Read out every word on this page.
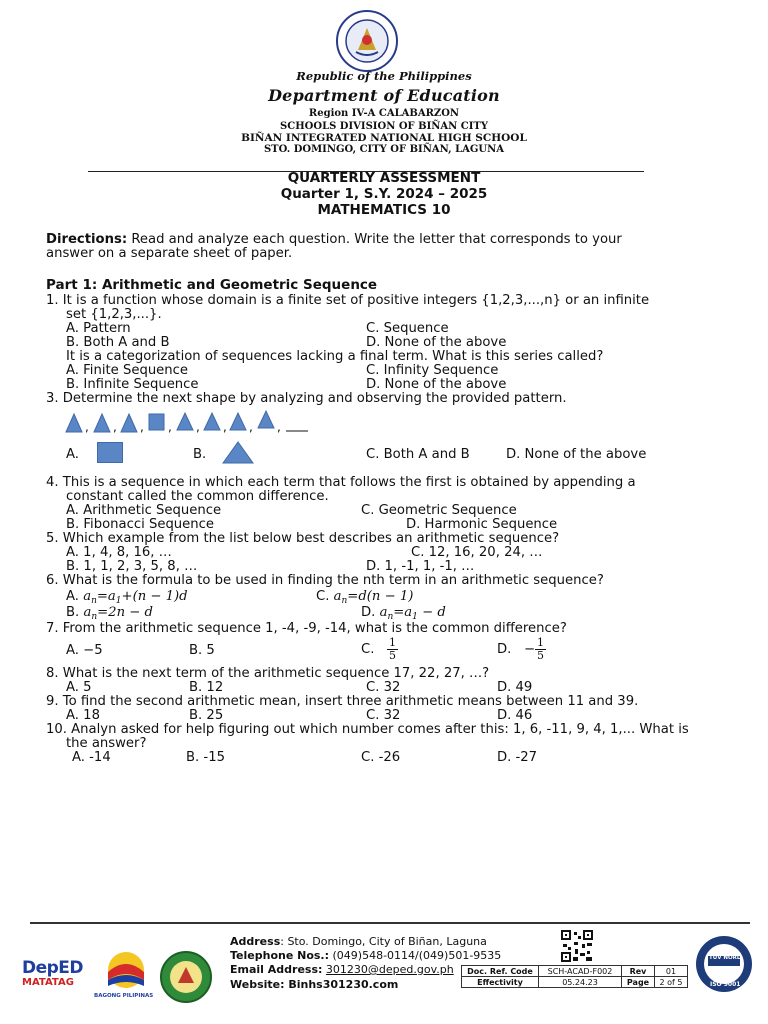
Republic of the Philippines
Department of Education
Region IV-A CALABARZON
SCHOOLS DIVISION OF BIÑAN CITY
BIÑAN INTEGRATED NATIONAL HIGH SCHOOL
STO. DOMINGO, CITY OF BIÑAN, LAGUNA
QUARTERLY ASSESSMENT
Quarter 1, S.Y. 2024 – 2025
MATHEMATICS 10
Directions: Read and analyze each question. Write the letter that corresponds to your
answer on a separate sheet of paper.
Part 1: Arithmetic and Geometric Sequence
1. It is a function whose domain is a finite set of positive integers {1,2,3,...,n} or an infinite
set {1,2,3,...}.
A. Pattern	C. Sequence
B. Both A and B	D. None of the above
It is a categorization of sequences lacking a final term. What is this series called?
A. Finite Sequence	C. Infinity Sequence
B. Infinite Sequence	D. None of the above
3. Determine the next shape by analyzing and observing the provided pattern.
, , , , , , , ,
A.	B.	C. Both A and B	D. None of the above
4. This is a sequence in which each term that follows the first is obtained by appending a
constant called the common difference.
A. Arithmetic Sequence	C. Geometric Sequence
B. Fibonacci Sequence	D. Harmonic Sequence
5. Which example from the list below best describes an arithmetic sequence?
A. 1, 4, 8, 16, …	C. 12, 16, 20, 24, …
B. 1, 1, 2, 3, 5, 8, …	D. 1, -1, 1, -1, …
6. What is the formula to be used in finding the nth term in an arithmetic sequence?
A. $a_n=a_1+(n - 1)d$	C. $a_n=d(n - 1)$
B. $a_n=2n - d$	D. $a_n=a_1 - d$
7. From the arithmetic sequence 1, -4, -9, -14, what is the common difference?
A. −5	B. 5	C. $\frac{1}{5}$	D. − $\frac{1}{5}$
8. What is the next term of the arithmetic sequence 17, 22, 27, …?
A. 5	B. 12	C. 32	D. 49
9. To find the second arithmetic mean, insert three arithmetic means between 11 and 39.
A. 18	B. 25	C. 32	D. 46
10. Analyn asked for help figuring out which number comes after this: 1, 6, -11, 9, 4, 1,... What is
the answer?
A. -14	B. -15	C. -26	D. -27
DepED
MATATAG
BAGONG PILIPINAS
Address: Sto. Domingo, City of Biñan, Laguna
Telephone Nos.: (049)548-0114/(049)501-9535
Email Address: 301230@deped.gov.ph
Website: Binhs301230.com
Doc. Ref. Code	SCH-ACAD-F002	Rev	01
Effectivity	05.24.23	Page	2 of 5
TÜV NORD
ISO 9001
